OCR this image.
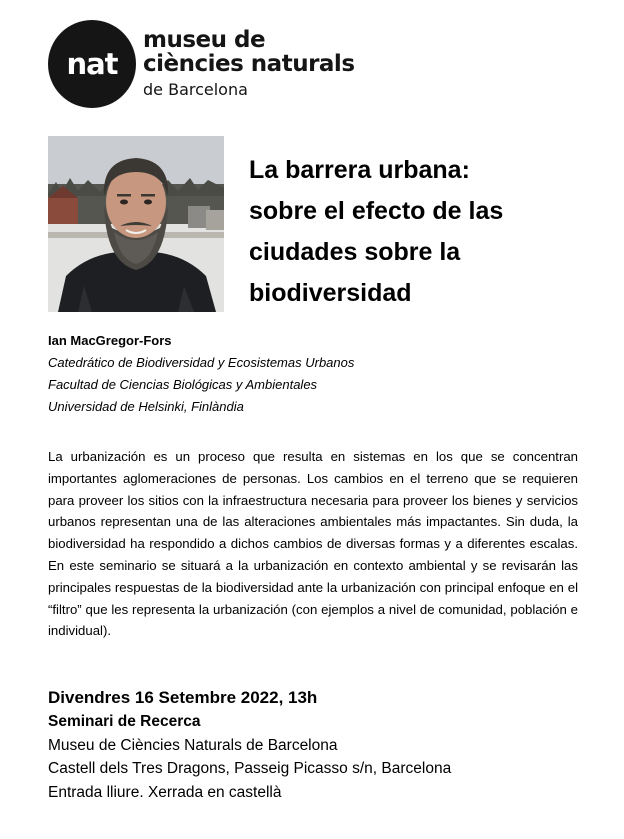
nat
museu de
ciències naturals
de Barcelona
La barrera urbana:
sobre el efecto de las
ciudades sobre la
biodiversidad
Ian MacGregor-Fors
Catedrático de Biodiversidad y Ecosistemas Urbanos
Facultad de Ciencias Biológicas y Ambientales
Universidad de Helsinki, Finlàndia
La urbanización es un proceso que resulta en sistemas en los que se concentran importantes aglomeraciones de personas. Los cambios en el terreno que se requieren para proveer los sitios con la infraestructura necesaria para proveer los bienes y servicios urbanos representan una de las alteraciones ambientales más impactantes. Sin duda, la biodiversidad ha respondido a dichos cambios de diversas formas y a diferentes escalas. En este seminario se situará a la urbanización en contexto ambiental y se revisarán las principales respuestas de la biodiversidad ante la urbanización con principal enfoque en el “filtro” que les representa la urbanización (con ejemplos a nivel de comunidad, población e individual).
Divendres 16 Setembre 2022, 13h
Seminari de Recerca
Museu de Ciències Naturals de Barcelona
Castell dels Tres Dragons, Passeig Picasso s/n, Barcelona
Entrada lliure. Xerrada en castellà
